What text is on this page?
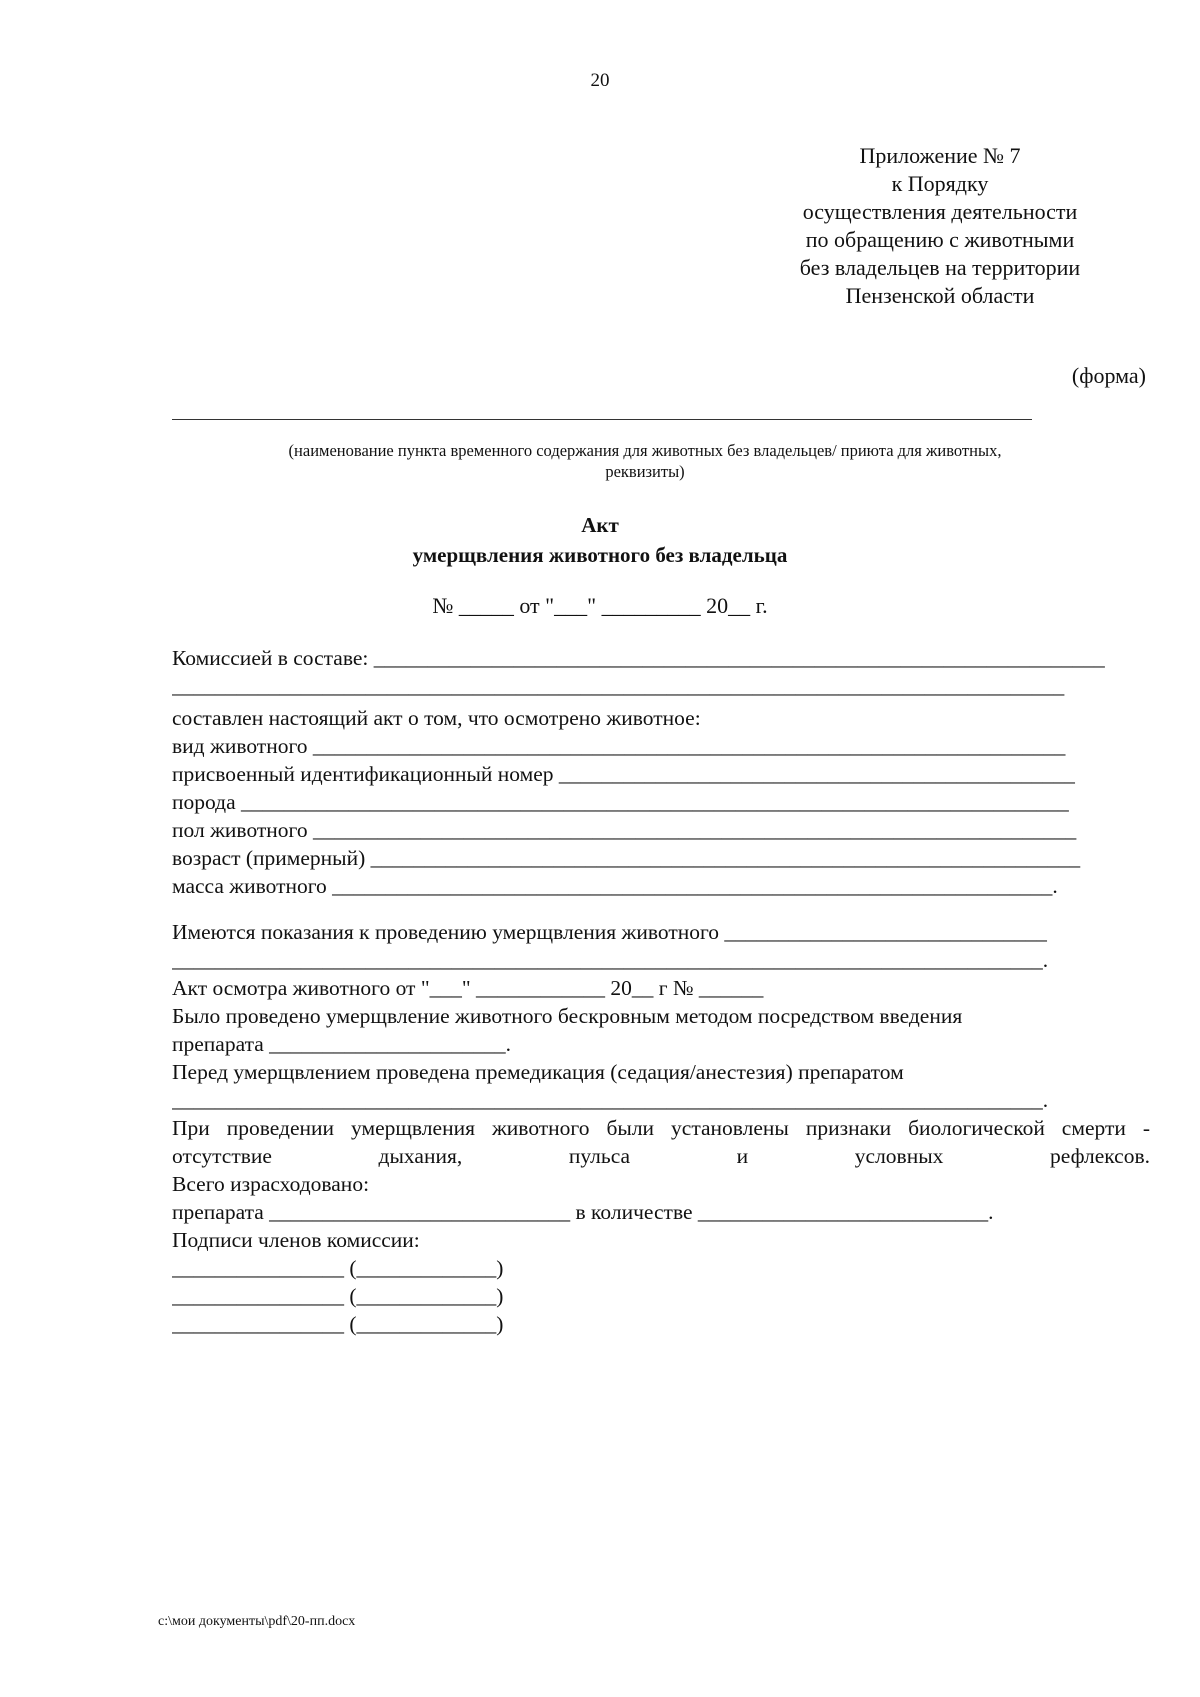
20
Приложение № 7
к Порядку
осуществления деятельности
по обращению с животными
без владельцев на территории
Пензенской области
(форма)
(наименование пункта временного содержания для животных без владельцев/ приюта для животных,
реквизиты)
Акт
умерщвления животного без владельца
№ _____ от "___" _________ 20__ г.
Комиссией в составе: ____________________________________________________________________
___________________________________________________________________________________
составлен настоящий акт о том, что осмотрено животное:
вид животного ______________________________________________________________________
присвоенный идентификационный номер ________________________________________________
порода _____________________________________________________________________________
пол животного _______________________________________________________________________
возраст (примерный) __________________________________________________________________
масса животного ___________________________________________________________________.
Имеются показания к проведению умерщвления животного ______________________________
_________________________________________________________________________________.
Акт осмотра животного от "___" ____________ 20__ г № ______
Было проведено умерщвление животного бескровным методом посредством введения
препарата ______________________.
Перед умерщвлением проведена премедикация (седация/анестезия) препаратом
_________________________________________________________________________________.
При проведении умерщвления животного были установлены признаки биологической смерти - отсутствие дыхания, пульса и условных рефлексов.
Всего израсходовано:
препарата ____________________________ в количестве ___________________________.
Подписи членов комиссии:
________________ (_____________)
________________ (_____________)
________________ (_____________)
c:\мои документы\pdf\20-пп.docx
